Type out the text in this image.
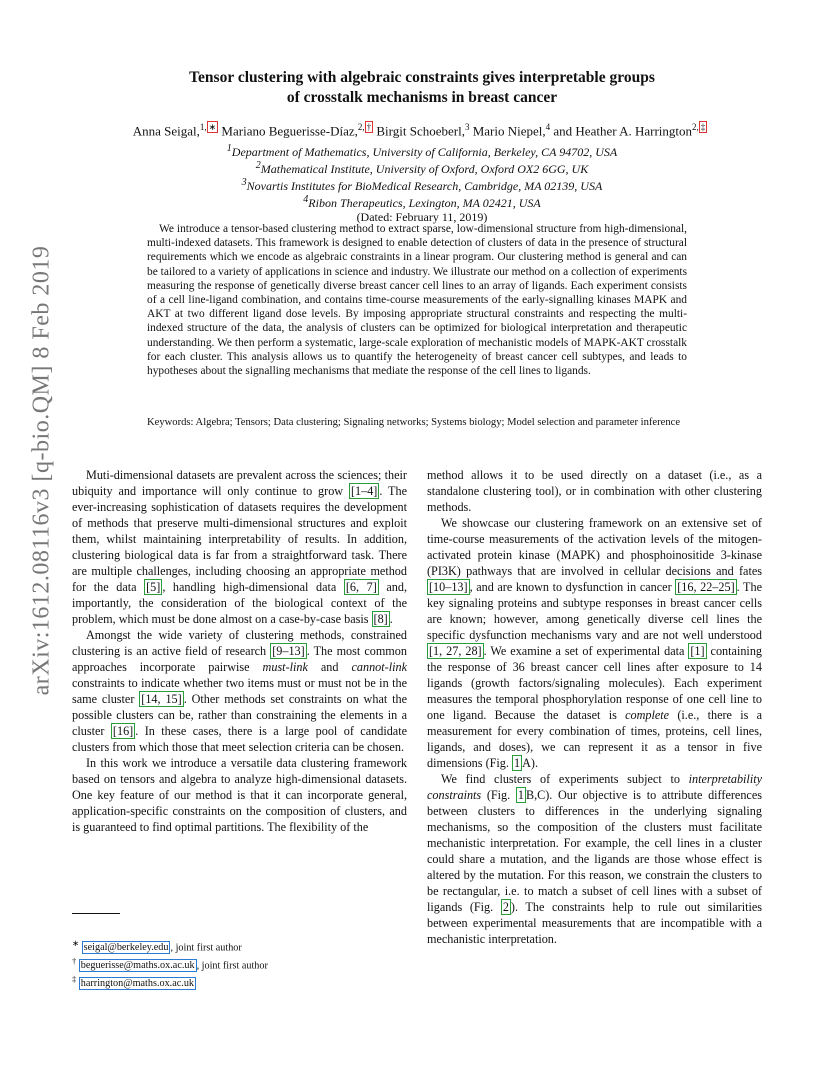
arXiv:1612.08116v3 [q-bio.QM] 8 Feb 2019
Tensor clustering with algebraic constraints gives interpretable groups
of crosstalk mechanisms in breast cancer
Anna Seigal,$^{1,}$ ∗ Mariano Beguerisse-Díaz,$^{2,}$ † Birgit Schoeberl,$^3$ Mario Niepel,$^4$ and Heather A. Harrington$^{2,}$ ‡
$^1$Department of Mathematics, University of California, Berkeley, CA 94702, USA
$^2$Mathematical Institute, University of Oxford, Oxford OX2 6GG, UK
$^3$Novartis Institutes for BioMedical Research, Cambridge, MA 02139, USA
$^4$Ribon Therapeutics, Lexington, MA 02421, USA
(Dated: February 11, 2019)
We introduce a tensor-based clustering method to extract sparse, low-dimensional structure from high-dimensional, multi-indexed datasets. This framework is designed to enable detection of clusters of data in the presence of structural requirements which we encode as algebraic constraints in a linear program. Our clustering method is general and can be tailored to a variety of applications in science and industry. We illustrate our method on a collection of experiments measuring the response of genetically diverse breast cancer cell lines to an array of ligands. Each experiment consists of a cell line-ligand combination, and contains time-course measurements of the early-signalling kinases MAPK and AKT at two different ligand dose levels. By imposing appropriate structural constraints and respecting the multi-indexed structure of the data, the analysis of clusters can be optimized for biological interpretation and therapeutic understanding. We then perform a systematic, large-scale exploration of mechanistic models of MAPK-AKT crosstalk for each cluster. This analysis allows us to quantify the heterogeneity of breast cancer cell subtypes, and leads to hypotheses about the signalling mechanisms that mediate the response of the cell lines to ligands.
Keywords: Algebra; Tensors; Data clustering; Signaling networks; Systems biology; Model selection and parameter inference

Muti-dimensional datasets are prevalent across the sciences; their ubiquity and importance will only continue to grow [1–4] . The ever-increasing sophistication of datasets requires the development of methods that preserve multi-dimensional structures and exploit them, whilst maintaining interpretability of results. In addition, clustering biological data is far from a straightforward task. There are multiple challenges, including choosing an appropriate method for the data [5] , handling high-dimensional data [6, 7] and, importantly, the consideration of the biological context of the problem, which must be done almost on a case-by-case basis [8] .

Amongst the wide variety of clustering methods, constrained clustering is an active field of research [9–13] . The most common approaches incorporate pairwise must-link and cannot-link constraints to indicate whether two items must or must not be in the same cluster [14, 15] . Other methods set constraints on what the possible clusters can be, rather than constraining the elements in a cluster [16] . In these cases, there is a large pool of candidate clusters from which those that meet selection criteria can be chosen.

In this work we introduce a versatile data clustering framework based on tensors and algebra to analyze high-dimensional datasets. One key feature of our method is that it can incorporate general, application-specific constraints on the composition of clusters, and is guaranteed to find optimal partitions. The flexibility of the

method allows it to be used directly on a dataset (i.e., as a standalone clustering tool), or in combination with other clustering methods.

We showcase our clustering framework on an extensive set of time-course measurements of the activation levels of the mitogen-activated protein kinase (MAPK) and phosphoinositide 3-kinase (PI3K) pathways that are involved in cellular decisions and fates [10–13] , and are known to dysfunction in cancer [16, 22–25] . The key signaling proteins and subtype responses in breast cancer cells are known; however, among genetically diverse cell lines the specific dysfunction mechanisms vary and are not well understood [1, 27, 28] . We examine a set of experimental data [1] containing the response of 36 breast cancer cell lines after exposure to 14 ligands (growth factors/signaling molecules). Each experiment measures the temporal phosphorylation response of one cell line to one ligand. Because the dataset is complete (i.e., there is a measurement for every combination of times, proteins, cell lines, ligands, and doses), we can represent it as a tensor in five dimensions (Fig. 1 A).

We find clusters of experiments subject to interpretability constraints (Fig. 1 B,C). Our objective is to attribute differences between clusters to differences in the underlying signaling mechanisms, so the composition of the clusters must facilitate mechanistic interpretation. For example, the cell lines in a cluster could share a mutation, and the ligands are those whose effect is altered by the mutation. For this reason, we constrain the clusters to be rectangular, i.e. to match a subset of cell lines with a subset of ligands (Fig. 2 ). The constraints help to rule out similarities between experimental measurements that are incompatible with a mechanistic interpretation.

∗ seigal@berkeley.edu , joint first author
† beguerisse@maths.ox.ac.uk , joint first author
‡ harrington@maths.ox.ac.uk
